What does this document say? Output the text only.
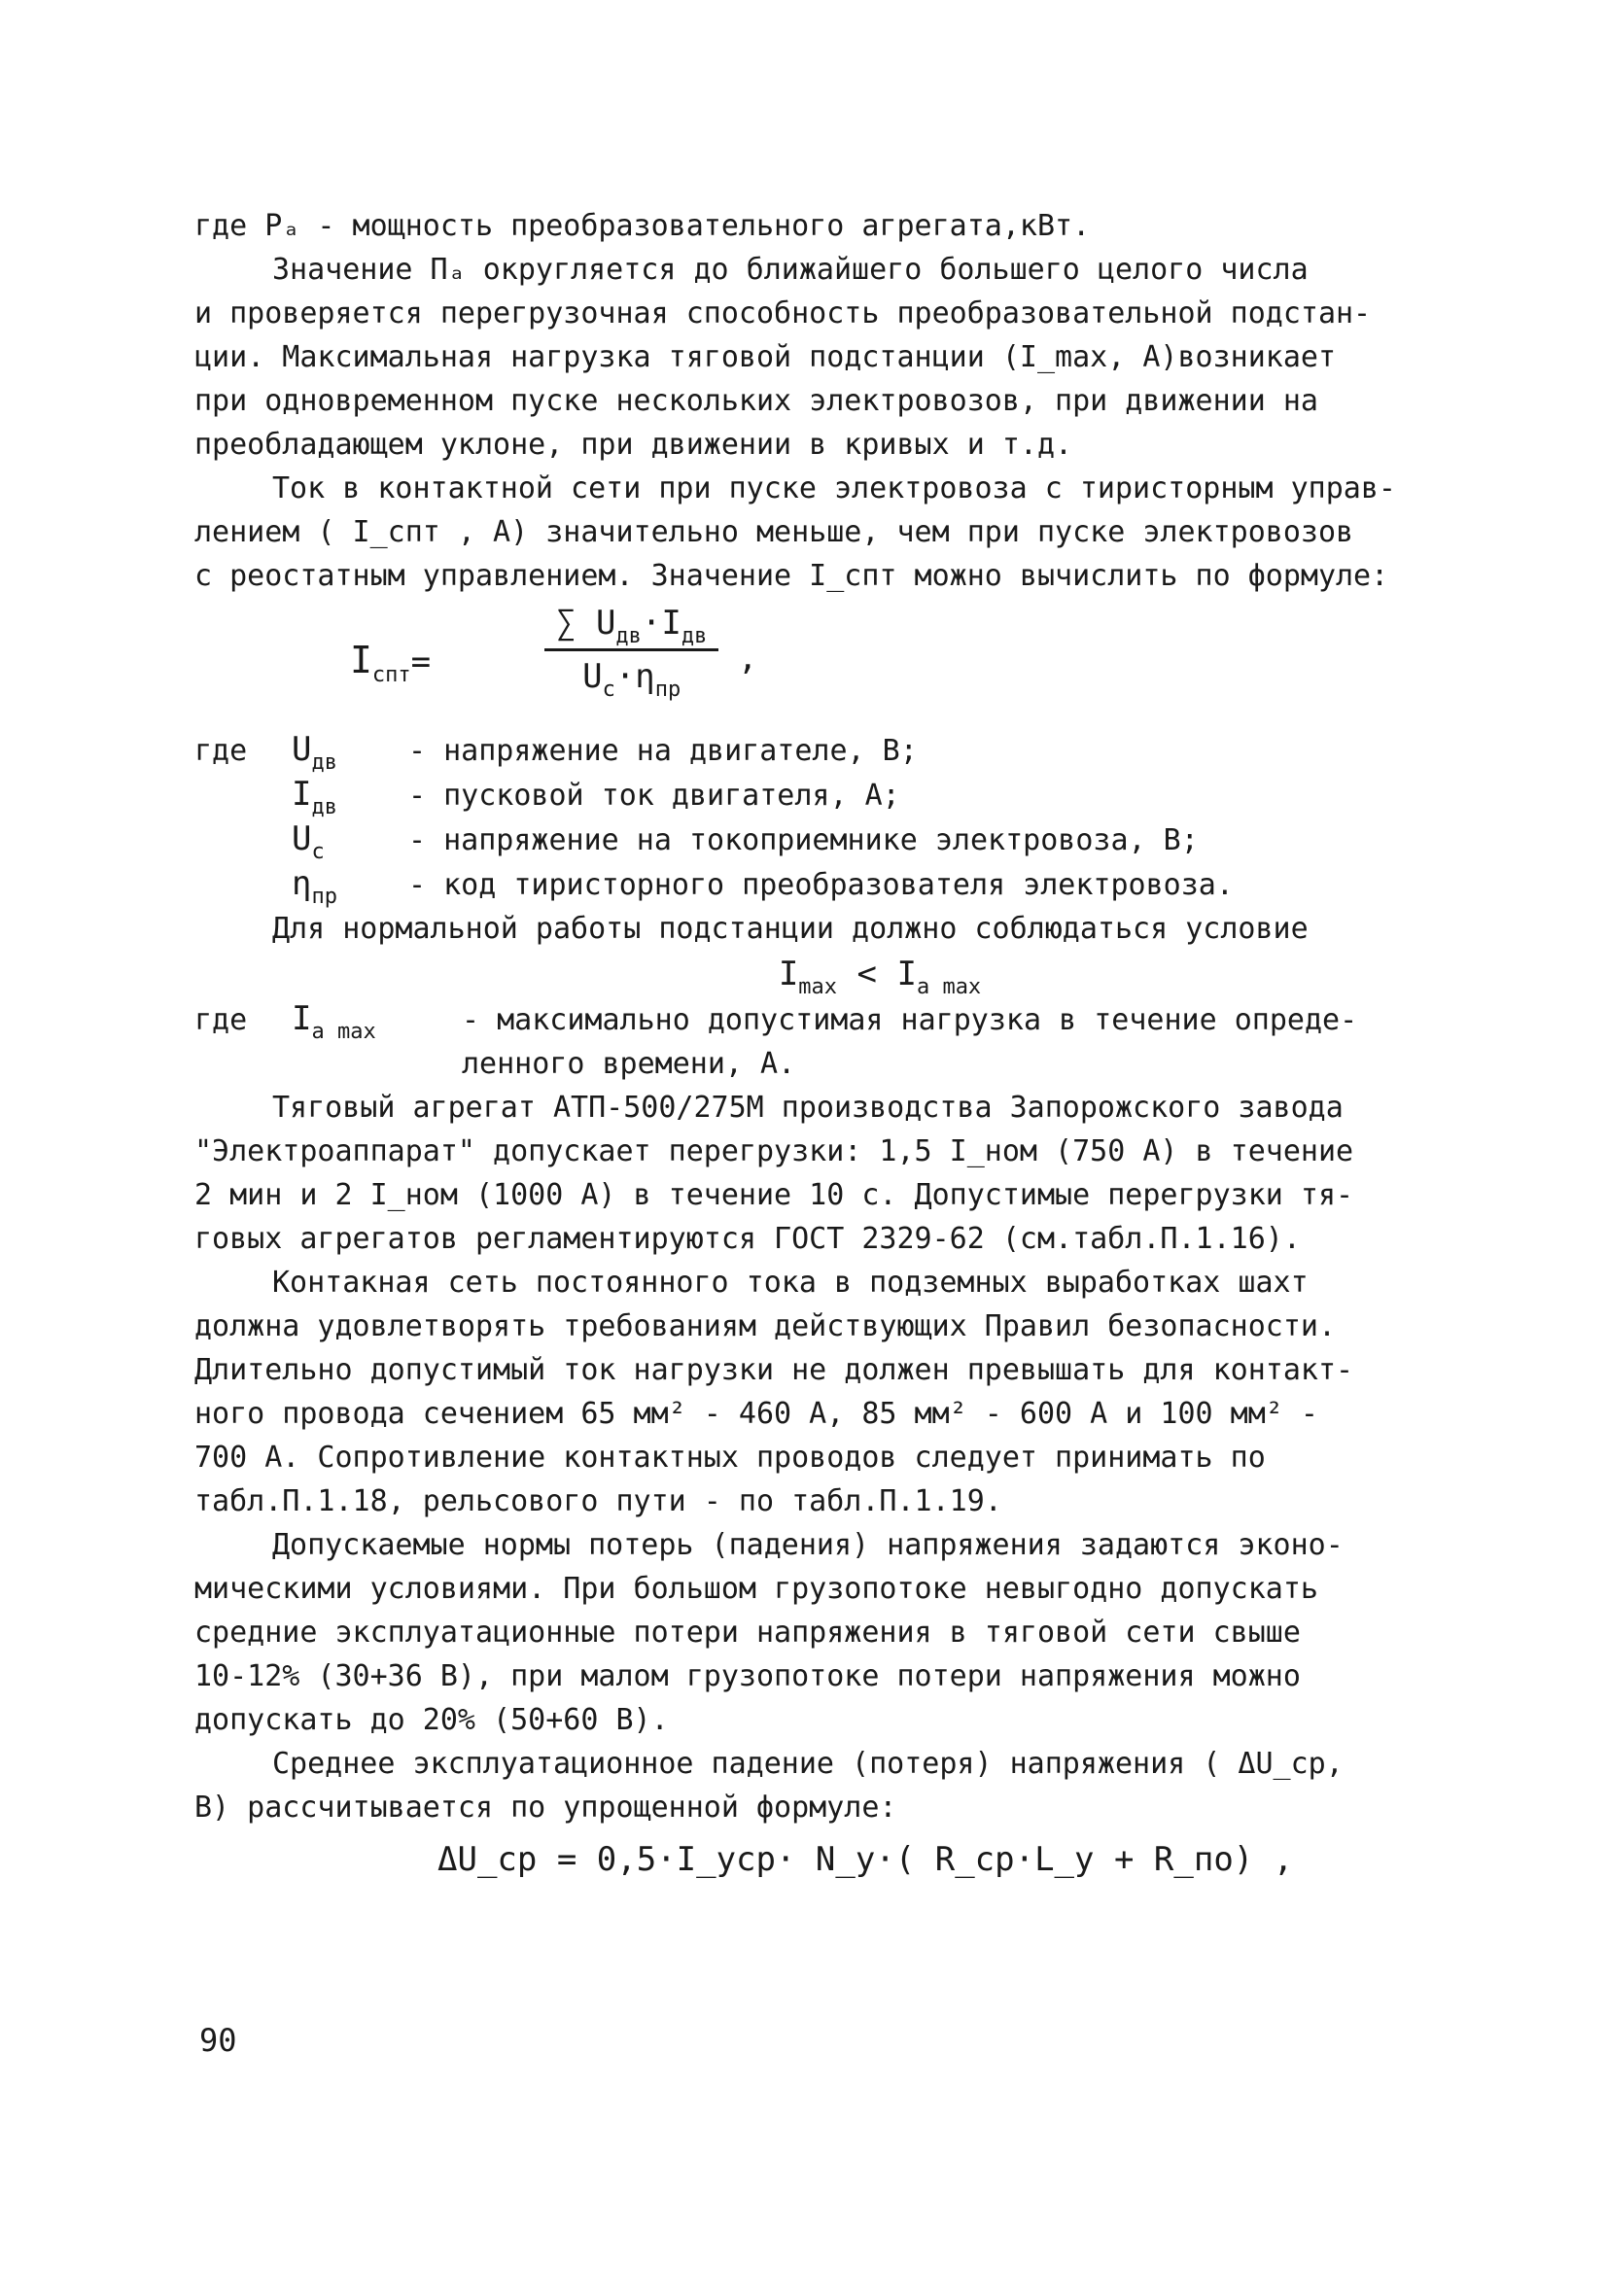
где Pₐ - мощность преобразовательного агрегата,кВт.
Значение Пₐ округляется до ближайшего большего целого числа
и проверяется перегрузочная способность преобразовательной подстан-
ции. Максимальная нагрузка тяговой подстанции (I_max, A)возникает
при одновременном пуске нескольких электровозов, при движении на
преобладающем уклоне, при движении в кривых и т.д.
Ток в контактной сети при пуске электровоза с тиристорным управ-
лением ( I_спт , А) значительно меньше, чем при пуске электровозов
с реостатным управлением. Значение I_спт можно вычислить по формуле:
$I_{спт}=$
∑ $U_{дв}\cdot I_{дв}$
$U_с\cdot\eta_{пр}$
,
где $U_{дв}$ - напряжение на двигателе, В;
$I_{дв}$ - пусковой ток двигателя, А;
$U_с$	- напряжение на токоприемнике электровоза, В;
$\eta_{пр}$ - код тиристорного преобразователя электровоза.
Для нормальной работы подстанции должно соблюдаться условие
$I_{max} < I_{a max}$
где $I_{a max}$	- максимально допустимая нагрузка в течение опреде-
ленного времени, А.
Тяговый агрегат АТП-500/275М производства Запорожского завода
"Электроаппарат" допускает перегрузки: 1,5 I_ном (750 А) в течение
2 мин и 2 I_ном (1000 А) в течение 10 с. Допустимые перегрузки тя-
говых агрегатов регламентируются ГОСТ 2329-62 (см.табл.П.1.16).
Контакная сеть постоянного тока в подземных выработках шахт
должна удовлетворять требованиям действующих Правил безопасности.
Длительно допустимый ток нагрузки не должен превышать для контакт-
ного провода сечением 65 мм² - 460 А, 85 мм² - 600 А и 100 мм² -
700 А. Сопротивление контактных проводов следует принимать по
табл.П.1.18, рельсового пути - по табл.П.1.19.
Допускаемые нормы потерь (падения) напряжения задаются эконо-
мическими условиями. При большом грузопотоке невыгодно допускать
средние эксплуатационные потери напряжения в тяговой сети свыше
10-12% (30+36 В), при малом грузопотоке потери напряжения можно
допускать до 20% (50+60 В).
Среднее эксплуатационное падение (потеря) напряжения ( ΔU_ср,
В) рассчитывается по упрощенной формуле:
ΔU_ср = 0,5·I_уср· N_у·( R_ср·L_у + R_по) ,
90
